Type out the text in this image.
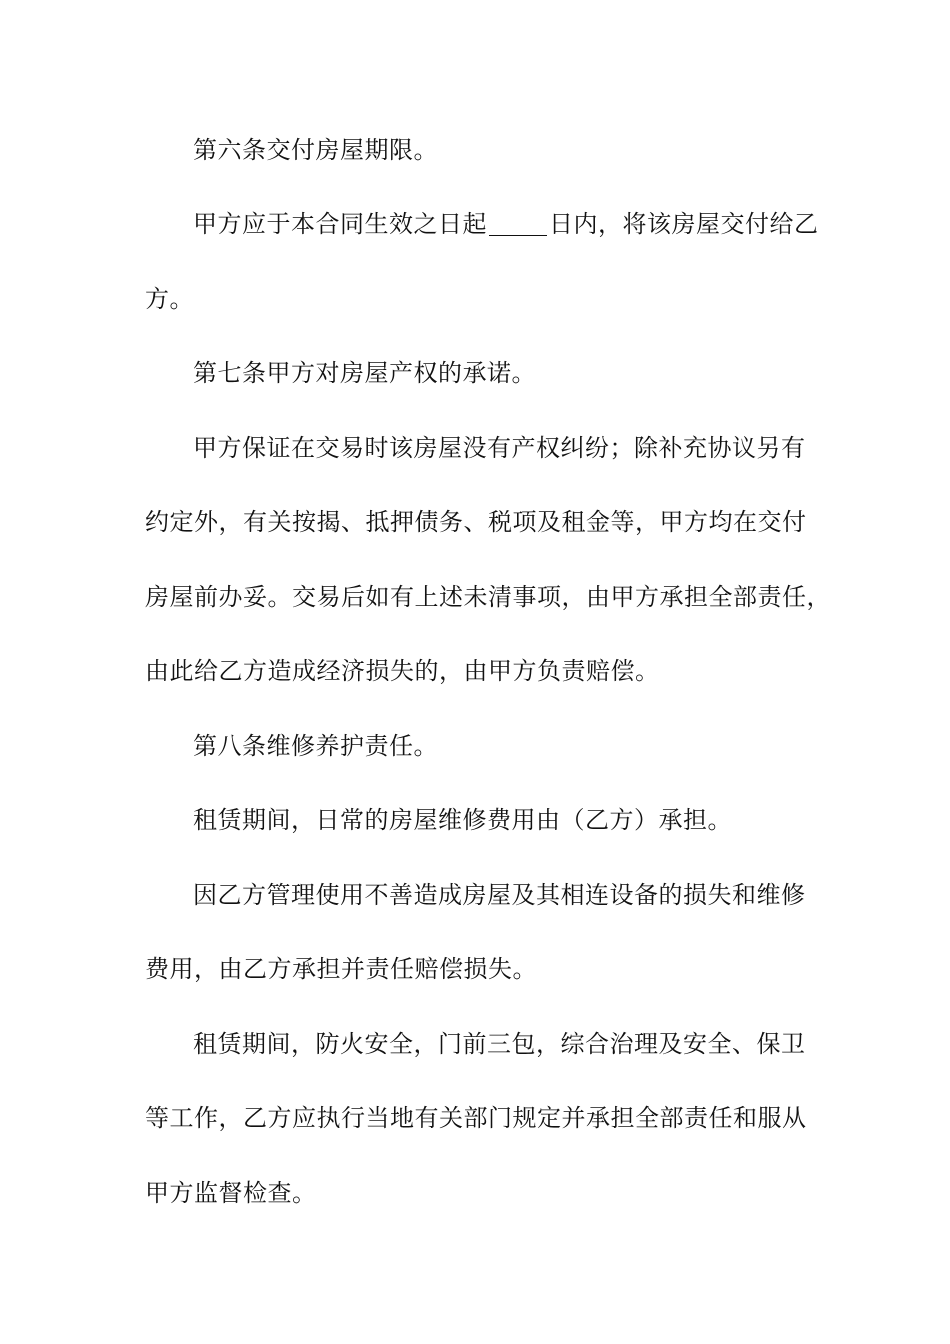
第六条交付房屋期限。
甲方应于本合同生效之日起	日内，将该房屋交付给乙
方。
第七条甲方对房屋产权的承诺。
甲方保证在交易时该房屋没有产权纠纷；除补充协议另有
约定外，有关按揭、抵押债务、税项及租金等，甲方均在交付
房屋前办妥。交易后如有上述未清事项，由甲方承担全部责任，
由此给乙方造成经济损失的，由甲方负责赔偿。
第八条维修养护责任。
租赁期间，日常的房屋维修费用由（乙方）承担。
因乙方管理使用不善造成房屋及其相连设备的损失和维修
费用，由乙方承担并责任赔偿损失。
租赁期间，防火安全，门前三包，综合治理及安全、保卫
等工作，乙方应执行当地有关部门规定并承担全部责任和服从
甲方监督检查。
